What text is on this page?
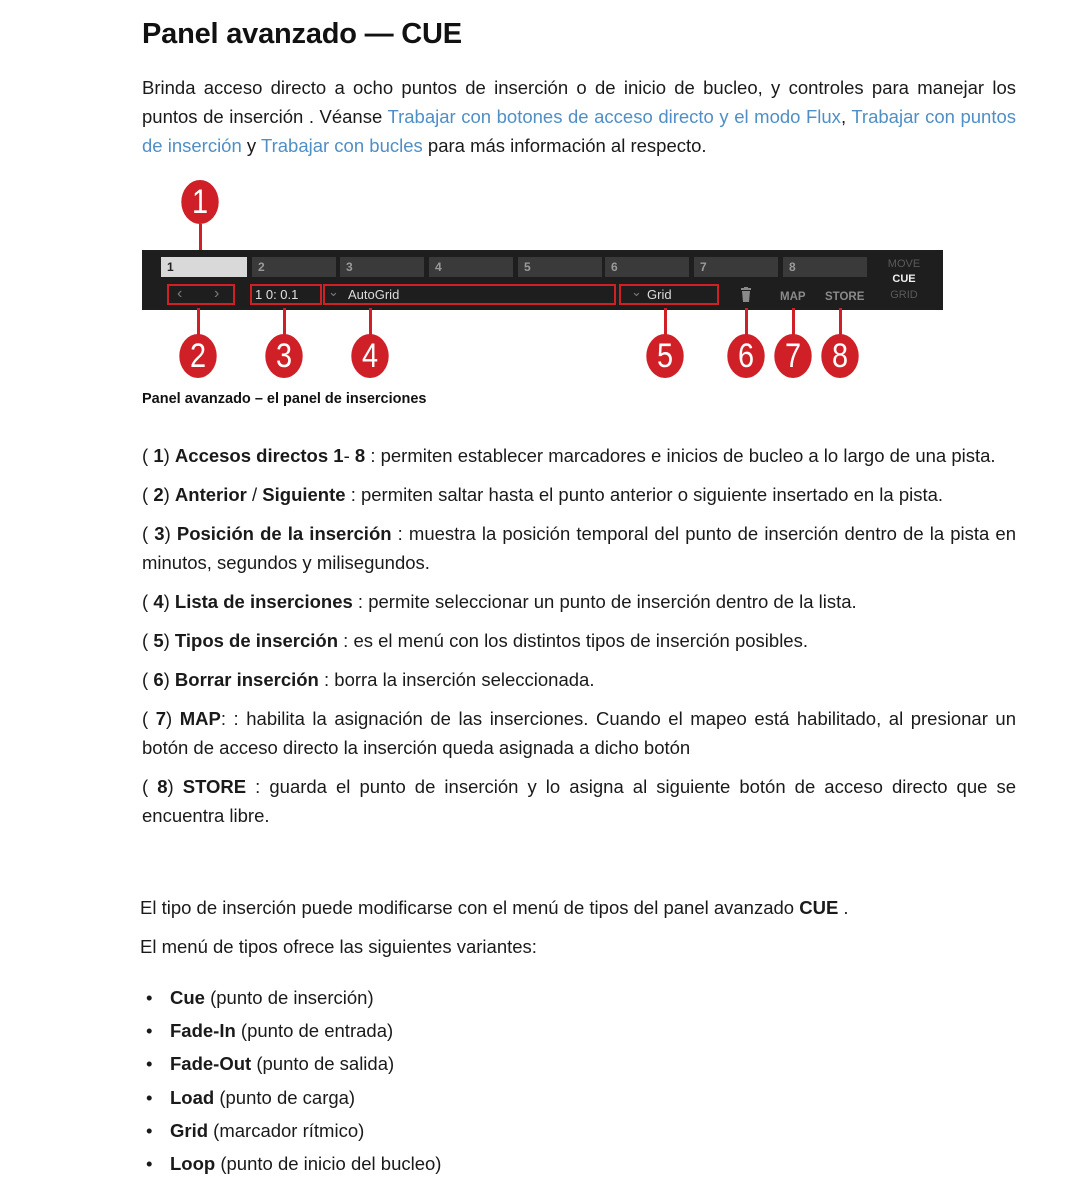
Panel avanzado — CUE

Brinda acceso directo a ocho puntos de inserción o de inicio de bucleo, y controles para manejar los puntos de inserción . Véanse Trabajar con botones de acceso directo y el modo Flux, Trabajar con puntos de inserción y Trabajar con bucles para más información al respecto.

1
1	2	3	4	5	6	7	8
‹ ›	1 0: 0.1 ⌄ AutoGrid	⌄ Grid	MAP STORE
MOVE
CUE
GRID
2	3	4	5	6 7 8
Panel avanzado – el panel de inserciones

( 1) Accesos directos 1- 8 : permiten establecer marcadores e inicios de bucleo a lo largo de una pista.

( 2) Anterior / Siguiente : permiten saltar hasta el punto anterior o siguiente insertado en la pista.

( 3) Posición de la inserción : muestra la posición temporal del punto de inserción dentro de la pista en minutos, segundos y milisegundos.

( 4) Lista de inserciones : permite seleccionar un punto de inserción dentro de la lista.

( 5) Tipos de inserción : es el menú con los distintos tipos de inserción posibles.

( 6) Borrar inserción : borra la inserción seleccionada.

( 7) MAP: : habilita la asignación de las inserciones. Cuando el mapeo está habilitado, al presionar un botón de acceso directo la inserción queda asignada a dicho botón

( 8) STORE : guarda el punto de inserción y lo asigna al siguiente botón de acceso directo que se encuentra libre.

El tipo de inserción puede modificarse con el menú de tipos del panel avanzado CUE .

El menú de tipos ofrece las siguientes variantes:

• Cue (punto de inserción)
• Fade-In (punto de entrada)
• Fade-Out (punto de salida)
• Load (punto de carga)
• Grid (marcador rítmico)
• Loop (punto de inicio del bucleo)
